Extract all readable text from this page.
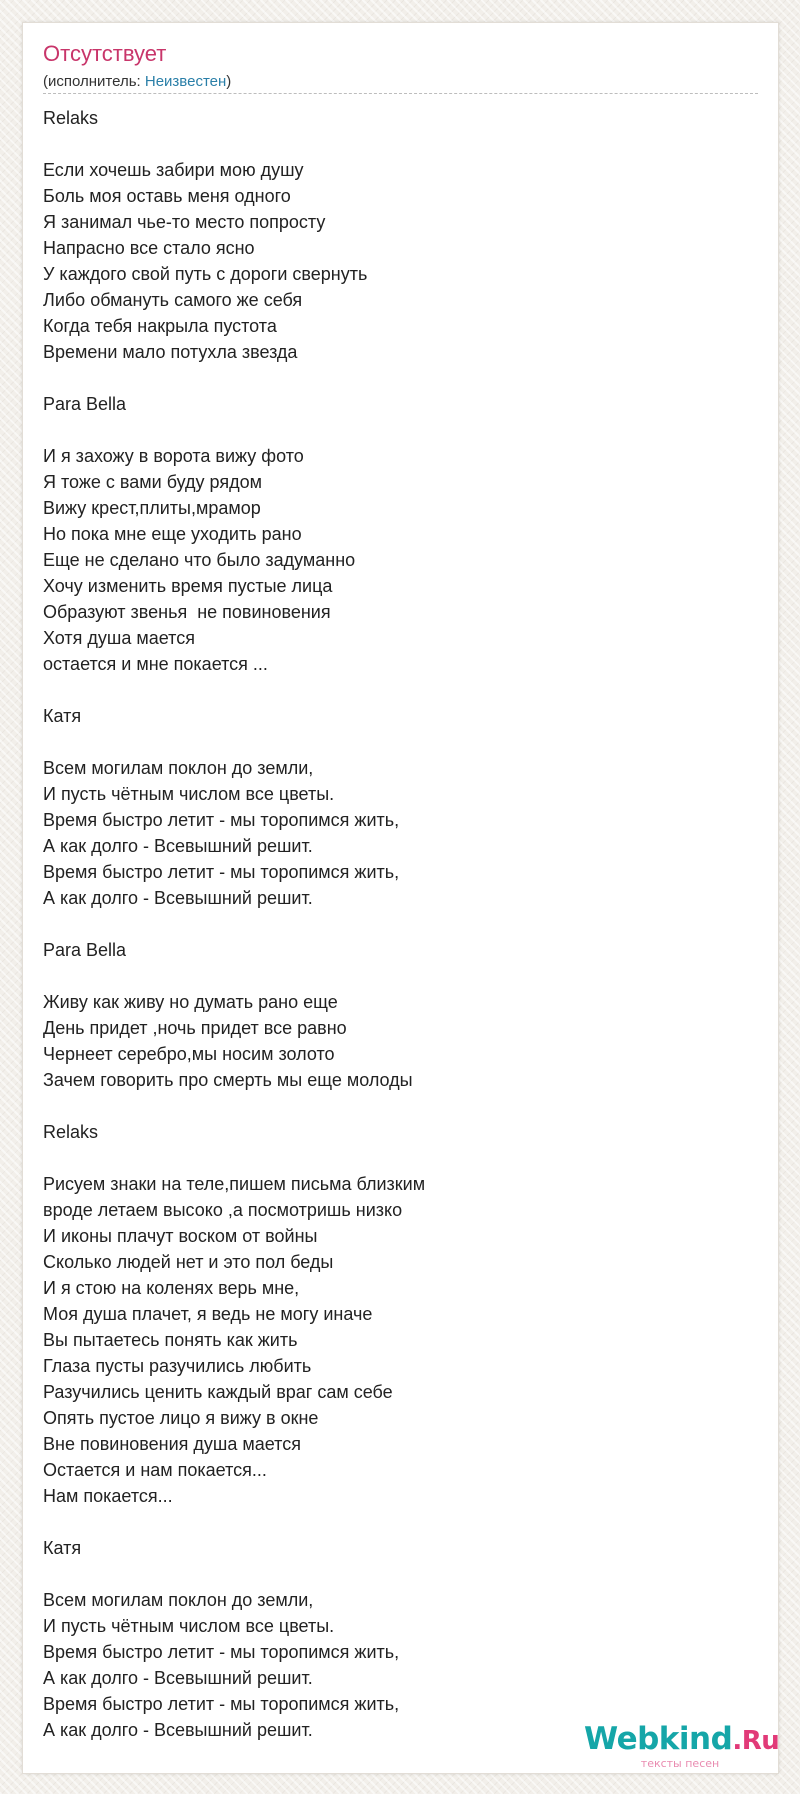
Отсутствует
(исполнитель: Неизвестен)
Relaks
Если хочешь забири мою душу
Боль моя оставь меня одного
Я занимал чье-то место попросту
Напрасно все стало ясно
У каждого свой путь с дороги свернуть
Либо обмануть самого же себя
Когда тебя накрыла пустота
Времени мало потухла звезда
Para Bella
И я захожу в ворота вижу фото
Я тоже с вами буду рядом
Вижу крест,плиты,мрамор
Но пока мне еще уходить рано
Еще не сделано что было задуманно
Хочу изменить время пустые лица
Образуют звенья  не повиновения
Хотя душа мается
остается и мне покается ...
Катя
Всем могилам поклон до земли,
И пусть чётным числом все цветы.
Время быстро летит - мы торопимся жить,
А как долго - Всевышний решит.
Время быстро летит - мы торопимся жить,
А как долго - Всевышний решит.
Para Bella
Живу как живу но думать рано еще
День придет ,ночь придет все равно
Чернеет серебро,мы носим золото
Зачем говорить про смерть мы еще молоды
Relaks
Рисуем знаки на теле,пишем письма близким
вроде летаем высоко ,а посмотришь низко
И иконы плачут воском от войны
Сколько людей нет и это пол беды
И я стою на коленях верь мне,
Моя душа плачет, я ведь не могу иначе
Вы пытаетесь понять как жить
Глаза пусты разучились любить
Разучились ценить каждый враг сам себе
Опять пустое лицо я вижу в окне
Вне повиновения душа мается
Остается и нам покается...
Нам покается...
Катя
Всем могилам поклон до земли,
И пусть чётным числом все цветы.
Время быстро летит - мы торопимся жить,
А как долго - Всевышний решит.
Время быстро летит - мы торопимся жить,
А как долго - Всевышний решит.	Webkind.Ru
тексты песен
